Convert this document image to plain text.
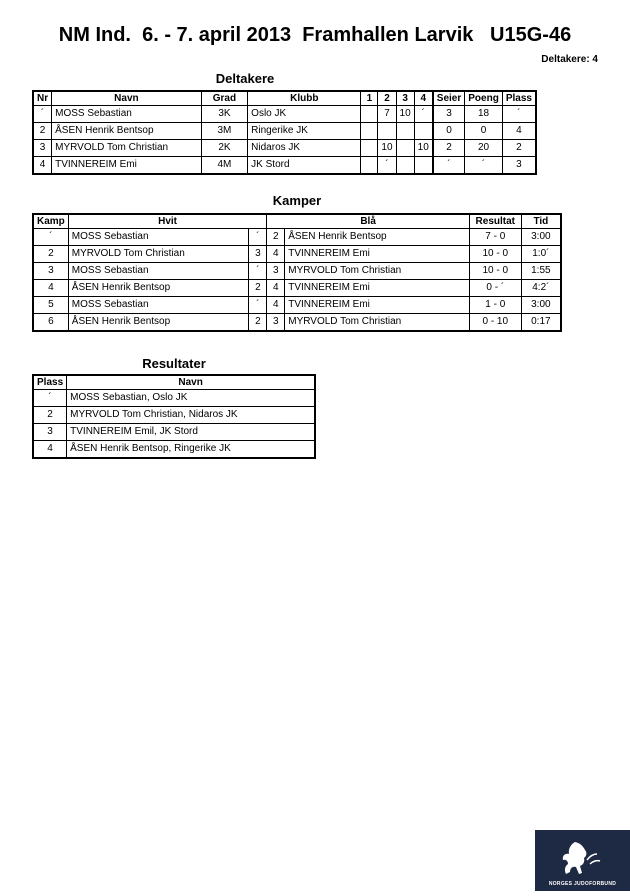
NM Ind.  6. - 7. april 2013  Framhallen Larvik   U15G-46
Deltakere: 4
Deltakere
Nr	Navn	Grad	Klubb	1	2	3	4	Seier	Poeng	Plass
´	MOSS Sebastian	3K	Oslo JK		7	10	´	3	18	´
2	ÅSEN Henrik Bentsop	3M	Ringerike JK					0	0	4
3	MYRVOLD Tom Christian	2K	Nidaros JK		10		10	2	20	2
4	TVINNEREIM Emi	4M	JK Stord		´			´	´	3
Kamper
Kamp	Hvit		Blå		Resultat	Tid
´	MOSS Sebastian	´	2	ÅSEN Henrik Bentsop	7 - 0	3:00
2	MYRVOLD Tom Christian	3	4	TVINNEREIM Emi	10 - 0	1:0´
3	MOSS Sebastian	´	3	MYRVOLD Tom Christian	10 - 0	1:55
4	ÅSEN Henrik Bentsop	2	4	TVINNEREIM Emi	0 - ´	4:2´
5	MOSS Sebastian	´	4	TVINNEREIM Emi	1 - 0	3:00
6	ÅSEN Henrik Bentsop	2	3	MYRVOLD Tom Christian	0 - 10	0:17
Resultater
Plass	Navn
´	MOSS Sebastian, Oslo JK
2	MYRVOLD Tom Christian, Nidaros JK
3	TVINNEREIM Emil, JK Stord
4	ÅSEN Henrik Bentsop, Ringerike JK
NORGES JUDOFORBUND
